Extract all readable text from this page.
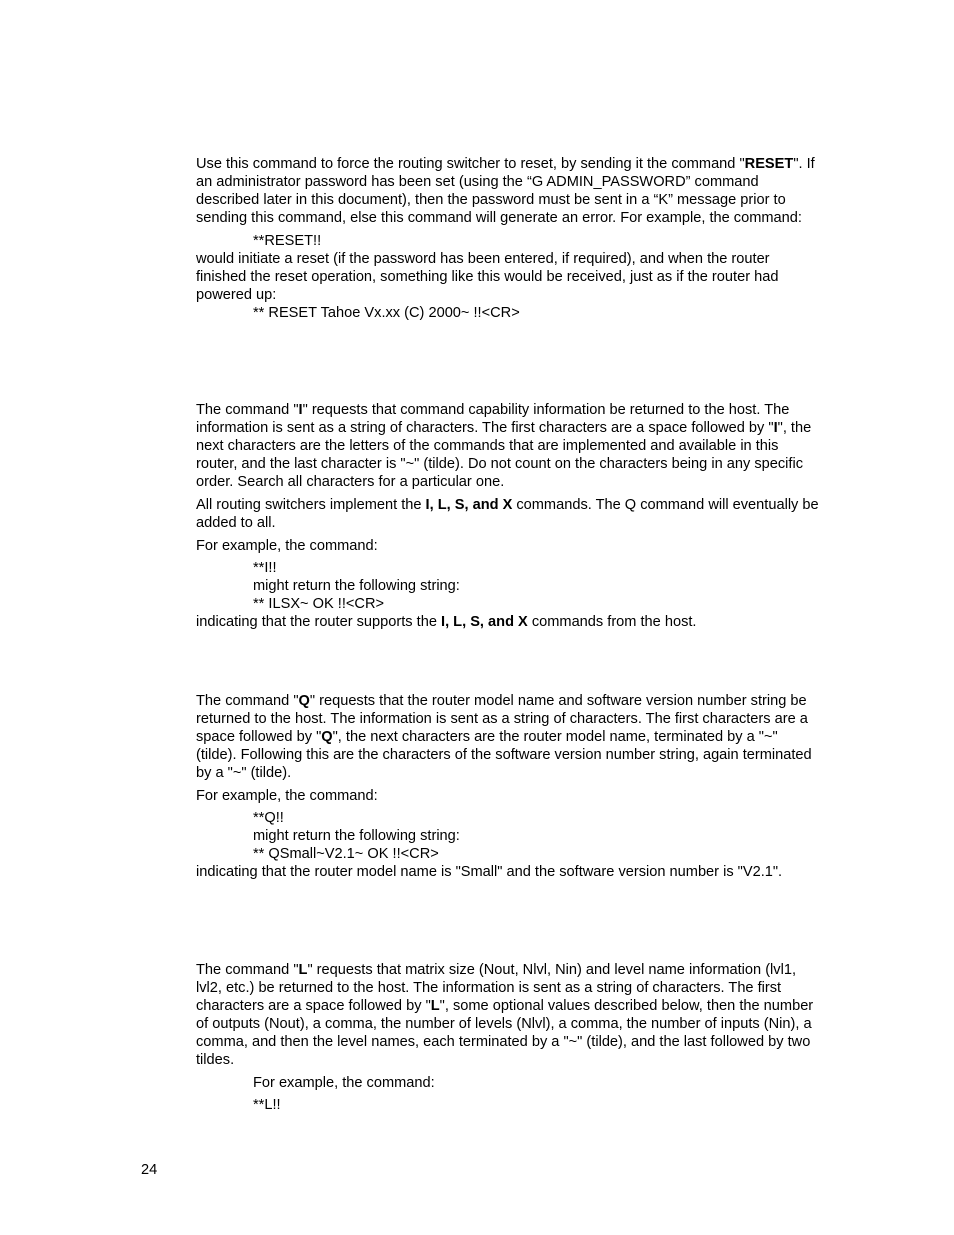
Use this command to force the routing switcher to reset, by sending it the command "RESET". If an administrator password has been set (using the “G ADMIN_PASSWORD” command described later in this document), then the password must be sent in a “K” message prior to sending this command, else this command will generate an error. For example, the command:

**RESET!!

would initiate a reset (if the password has been entered, if required), and when the router finished the reset operation, something like this would be received, just as if the router had powered up:

** RESET Tahoe Vx.xx (C) 2000~ !!<CR>

The command "I" requests that command capability information be returned to the host. The information is sent as a string of characters. The first characters are a space followed by "I", the next characters are the letters of the commands that are implemented and available in this router, and the last character is "~" (tilde). Do not count on the characters being in any specific order. Search all characters for a particular one.

All routing switchers implement the I, L, S, and X commands. The Q command will eventually be added to all.

For example, the command:

**I!!

might return the following string:

** ILSX~ OK !!<CR>

indicating that the router supports the I, L, S, and X commands from the host.

The command "Q" requests that the router model name and software version number string be returned to the host. The information is sent as a string of characters. The first characters are a space followed by "Q", the next characters are the router model name, terminated by a "~" (tilde). Following this are the characters of the software version number string, again terminated by a "~" (tilde).

For example, the command:

**Q!!

might return the following string:

** QSmall~V2.1~ OK !!<CR>

indicating that the router model name is "Small" and the software version number is "V2.1".

The command "L" requests that matrix size (Nout, Nlvl, Nin) and level name information (lvl1, lvl2, etc.) be returned to the host. The information is sent as a string of characters. The first characters are a space followed by "L", some optional values described below, then the number of outputs (Nout), a comma, the number of levels (Nlvl), a comma, the number of inputs (Nin), a comma, and then the level names, each terminated by a "~" (tilde), and the last followed by two tildes.

For example, the command:

**L!!

24
